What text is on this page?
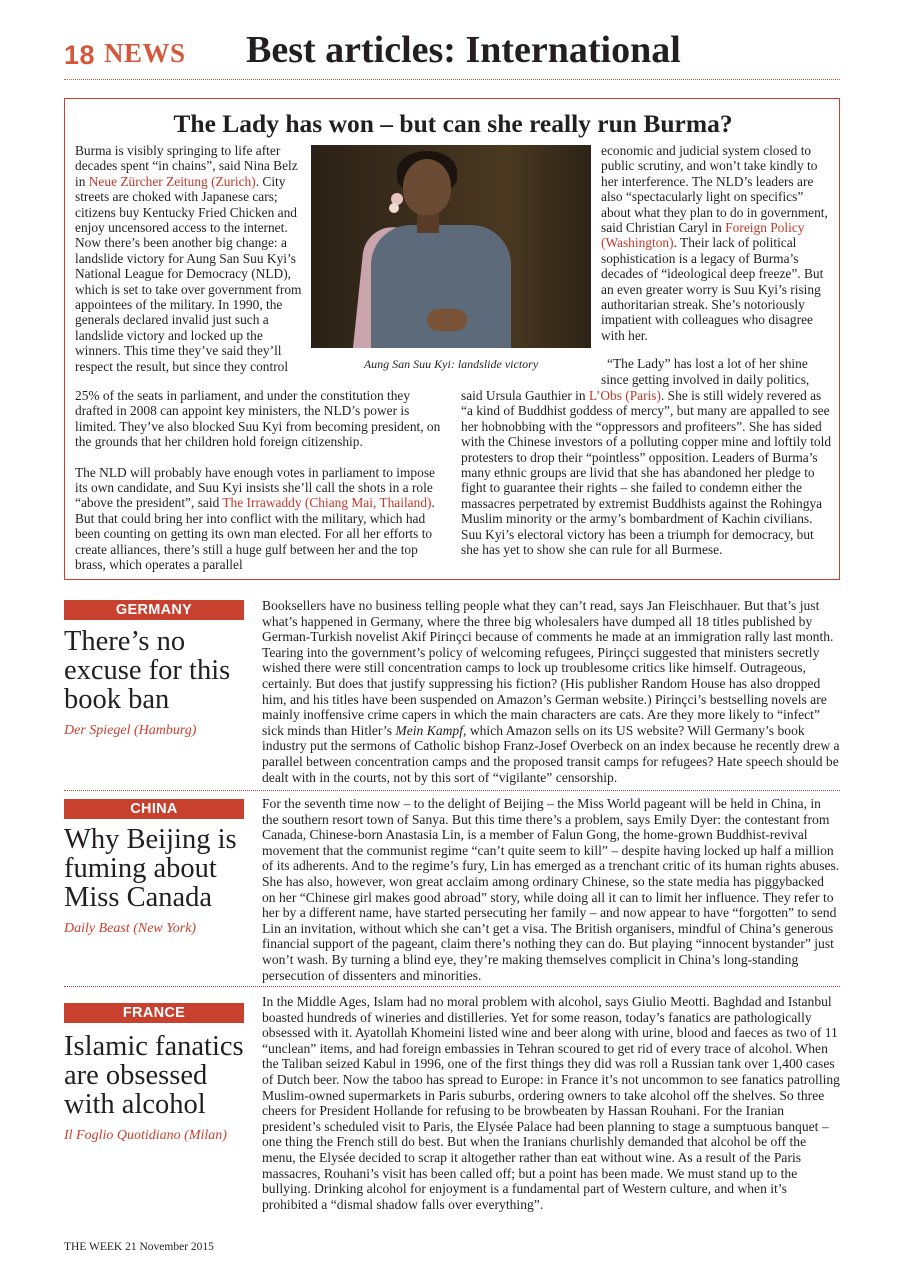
18 NEWS Best articles: International
The Lady has won – but can she really run Burma?
Burma is visibly springing to life after decades spent “in chains”, said Nina Belz in Neue Zürcher Zeitung (Zurich). City streets are choked with Japanese cars; citizens buy Kentucky Fried Chicken and enjoy uncensored access to the internet. Now there’s been another big change: a landslide victory for Aung San Suu Kyi’s National League for Democracy (NLD), which is set to take over government from appointees of the military. In 1990, the generals declared invalid just such a landslide victory and locked up the winners. This time they’ve said they’ll respect the result, but since they control

25% of the seats in parliament, and under the constitution they drafted in 2008 can appoint key ministers, the NLD’s power is limited. They’ve also blocked Suu Kyi from becoming president, on the grounds that her children hold foreign citizenship.

The NLD will probably have enough votes in parliament to impose its own candidate, and Suu Kyi insists she’ll call the shots in a role “above the president”, said The Irrawaddy (Chiang Mai, Thailand). But that could bring her into conflict with the military, which had been counting on getting its own man elected. For all her efforts to create alliances, there’s still a huge gulf between her and the top brass, which operates a parallel

Aung San Suu Kyi: landslide victory

economic and judicial system closed to public scrutiny, and won’t take kindly to her interference. The NLD’s leaders are also “spectacularly light on specifics” about what they plan to do in government, said Christian Caryl in Foreign Policy (Washington). Their lack of political sophistication is a legacy of Burma’s decades of “ideological deep freeze”. But an even greater worry is Suu Kyi’s rising authoritarian streak. She’s notoriously impatient with colleagues who disagree with her.

“The Lady” has lost a lot of her shine since getting involved in daily politics,

said Ursula Gauthier in L’Obs (Paris). She is still widely revered as “a kind of Buddhist goddess of mercy”, but many are appalled to see her hobnobbing with the “oppressors and profiteers”. She has sided with the Chinese investors of a polluting copper mine and loftily told protesters to drop their “pointless” opposition. Leaders of Burma’s many ethnic groups are livid that she has abandoned her pledge to fight to guarantee their rights – she failed to condemn either the massacres perpetrated by extremist Buddhists against the Rohingya Muslim minority or the army’s bombardment of Kachin civilians. Suu Kyi’s electoral victory has been a triumph for democracy, but she has yet to show she can rule for all Burmese.
GERMANY
There’s no excuse for this book ban
Der Spiegel (Hamburg)
Booksellers have no business telling people what they can’t read, says Jan Fleischhauer. But that’s just what’s happened in Germany, where the three big wholesalers have dumped all 18 titles published by German-Turkish novelist Akif Pirinçci because of comments he made at an immigration rally last month. Tearing into the government’s policy of welcoming refugees, Pirinçci suggested that ministers secretly wished there were still concentration camps to lock up troublesome critics like himself. Outrageous, certainly. But does that justify suppressing his fiction? (His publisher Random House has also dropped him, and his titles have been suspended on Amazon’s German website.) Pirinçci’s bestselling novels are mainly inoffensive crime capers in which the main characters are cats. Are they more likely to “infect” sick minds than Hitler’s Mein Kampf, which Amazon sells on its US website? Will Germany’s book industry put the sermons of Catholic bishop Franz-Josef Overbeck on an index because he recently drew a parallel between concentration camps and the proposed transit camps for refugees? Hate speech should be dealt with in the courts, not by this sort of “vigilante” censorship.
CHINA
Why Beijing is fuming about Miss Canada
Daily Beast (New York)
For the seventh time now – to the delight of Beijing – the Miss World pageant will be held in China, in the southern resort town of Sanya. But this time there’s a problem, says Emily Dyer: the contestant from Canada, Chinese-born Anastasia Lin, is a member of Falun Gong, the home-grown Buddhist-revival movement that the communist regime “can’t quite seem to kill” – despite having locked up half a million of its adherents. And to the regime’s fury, Lin has emerged as a trenchant critic of its human rights abuses. She has also, however, won great acclaim among ordinary Chinese, so the state media has piggybacked on her “Chinese girl makes good abroad” story, while doing all it can to limit her influence. They refer to her by a different name, have started persecuting her family – and now appear to have “forgotten” to send Lin an invitation, without which she can’t get a visa. The British organisers, mindful of China’s generous financial support of the pageant, claim there’s nothing they can do. But playing “innocent bystander” just won’t wash. By turning a blind eye, they’re making themselves complicit in China’s long-standing persecution of dissenters and minorities.
FRANCE
Islamic fanatics are obsessed with alcohol
Il Foglio Quotidiano (Milan)
In the Middle Ages, Islam had no moral problem with alcohol, says Giulio Meotti. Baghdad and Istanbul boasted hundreds of wineries and distilleries. Yet for some reason, today’s fanatics are pathologically obsessed with it. Ayatollah Khomeini listed wine and beer along with urine, blood and faeces as two of 11 “unclean” items, and had foreign embassies in Tehran scoured to get rid of every trace of alcohol. When the Taliban seized Kabul in 1996, one of the first things they did was roll a Russian tank over 1,400 cases of Dutch beer. Now the taboo has spread to Europe: in France it’s not uncommon to see fanatics patrolling Muslim-owned supermarkets in Paris suburbs, ordering owners to take alcohol off the shelves. So three cheers for President Hollande for refusing to be browbeaten by Hassan Rouhani. For the Iranian president’s scheduled visit to Paris, the Elysée Palace had been planning to stage a sumptuous banquet – one thing the French still do best. But when the Iranians churlishly demanded that alcohol be off the menu, the Elysée decided to scrap it altogether rather than eat without wine. As a result of the Paris massacres, Rouhani’s visit has been called off; but a point has been made. We must stand up to the bullying. Drinking alcohol for enjoyment is a fundamental part of Western culture, and when it’s prohibited a “dismal shadow falls over everything”.
THE WEEK 21 November 2015
